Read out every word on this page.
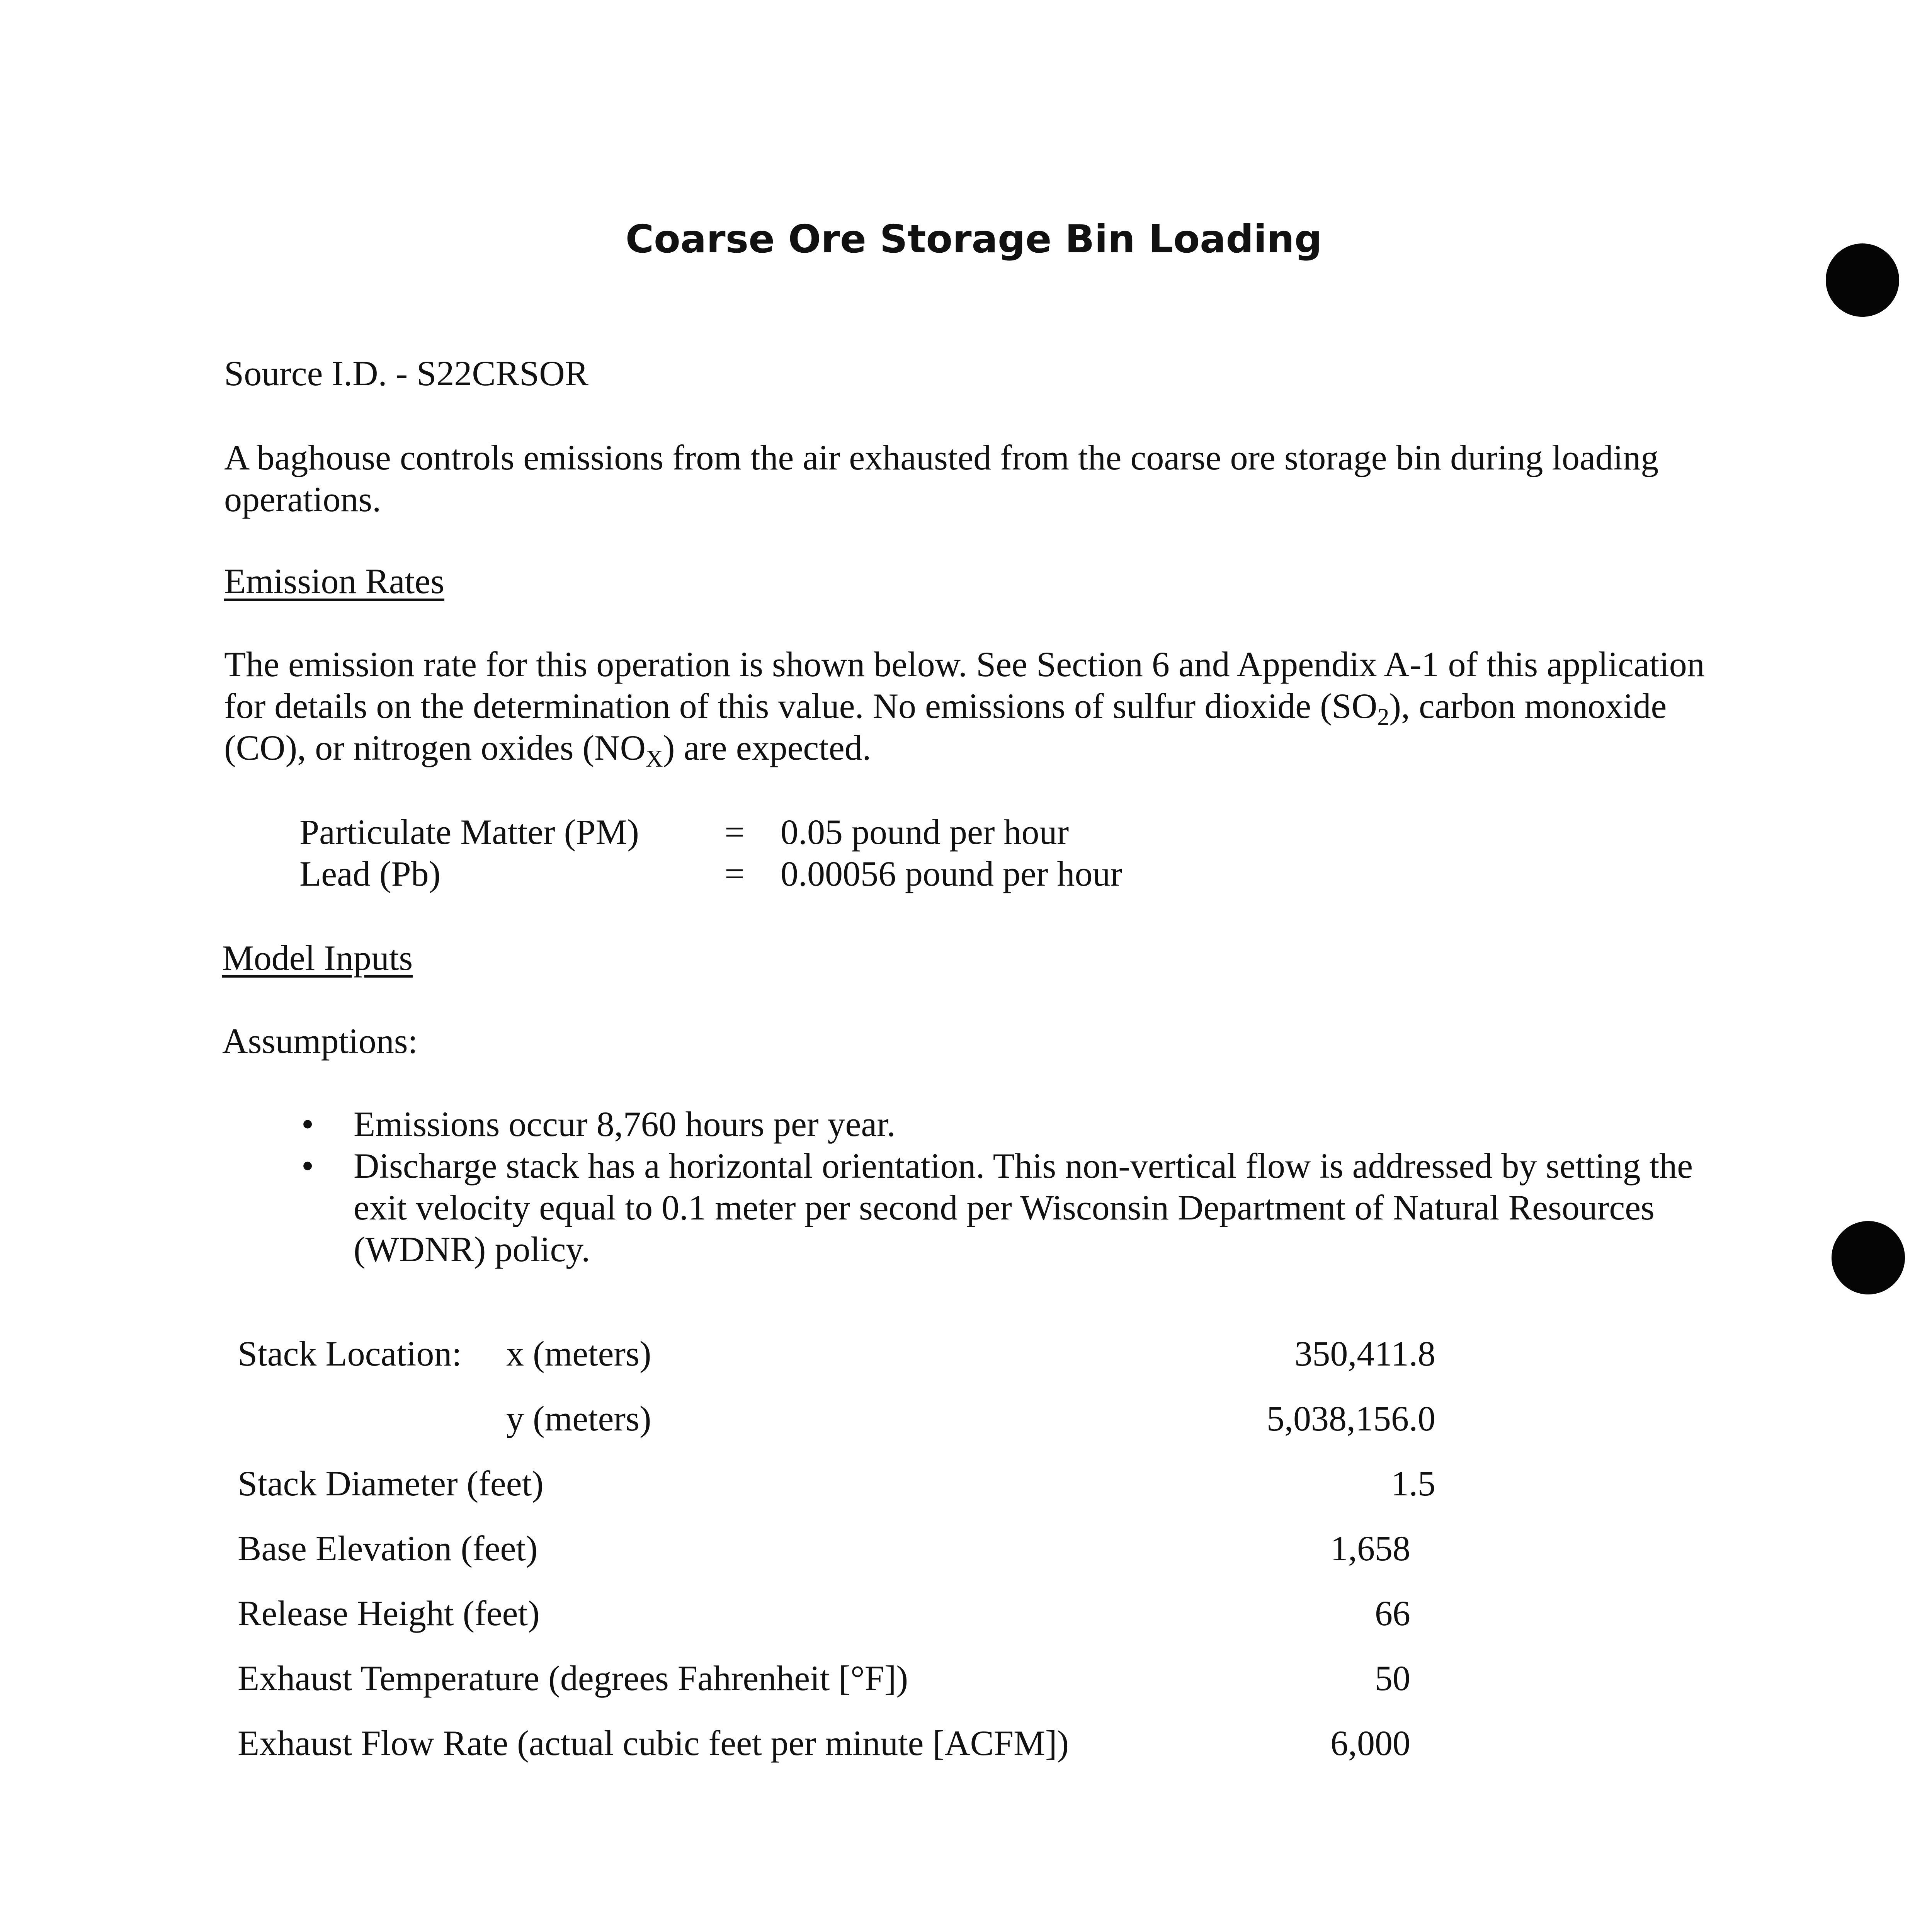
Coarse Ore Storage Bin Loading
Source I.D. - S22CRSOR
A baghouse controls emissions from the air exhausted from the coarse ore storage bin during loading operations.
Emission Rates
The emission rate for this operation is shown below. See Section 6 and Appendix A-1 of this application for details on the determination of this value. No emissions of sulfur dioxide $(SO_2)$, carbon monoxide (CO), or nitrogen oxides $(NO_X)$ are expected.
Particulate Matter (PM) = 0.05 pound per hour
Lead (Pb)	= 0.00056 pound per hour
Model Inputs
Assumptions:
• Emissions occur 8,760 hours per year.
• Discharge stack has a horizontal orientation. This non-vertical flow is addressed by setting the exit velocity equal to 0.1 meter per second per Wisconsin Department of Natural Resources (WDNR) policy.
Stack Location: x (meters)	350,411.8
y (meters)	5,038,156.0
Stack Diameter (feet)	1.5
Base Elevation (feet)	1,658
Release Height (feet)	66
Exhaust Temperature (degrees Fahrenheit [°F])	50
Exhaust Flow Rate (actual cubic feet per minute [ACFM])	6,000
